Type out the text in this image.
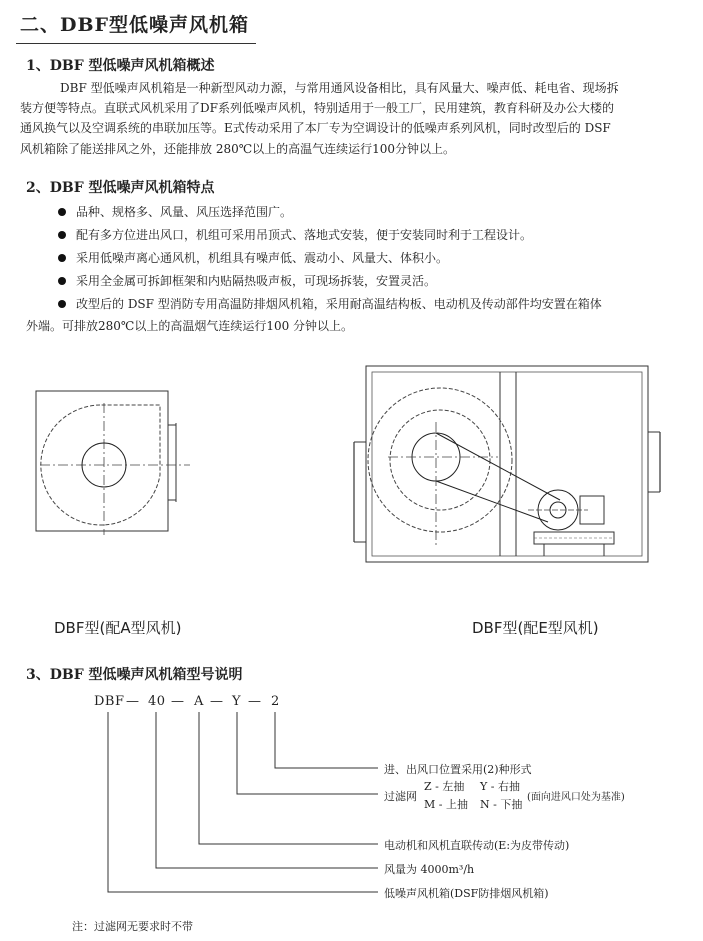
二、DBF型低噪声风机箱
1、DBF 型低噪声风机箱概述
DBF 型低噪声风机箱是一种新型风动力源，与常用通风设备相比，具有风量大、噪声低、耗电省、现场拆
装方便等特点。直联式风机采用了DF系列低噪声风机，特别适用于一般工厂，民用建筑，教育科研及办公大楼的
通风换气以及空调系统的串联加压等。E式传动采用了本厂专为空调设计的低噪声系列风机，同时改型后的 DSF
风机箱除了能送排风之外，还能排放 280℃以上的高温气连续运行100分钟以上。
2、DBF 型低噪声风机箱特点
品种、规格多、风量、风压选择范围广。
配有多方位进出风口，机组可采用吊顶式、落地式安装，便于安装同时利于工程设计。
采用低噪声离心通风机，机组具有噪声低、震动小、风量大、体积小。
采用全金属可拆卸框架和内贴隔热吸声板，可现场拆装，安置灵活。
改型后的 DSF 型消防专用高温防排烟风机箱，采用耐高温结构板、电动机及传动部件均安置在箱体
外端。可排放280℃以上的高温烟气连续运行100 分钟以上。
DBF型(配A型风机)	DBF型(配E型风机)
3、DBF 型低噪声风机箱型号说明
DBF — 40 — A — Y — 2
进、出风口位置采用(2)种形式
过滤网
Z - 左抽 Y - 右抽
M - 上抽 N - 下抽
(面向进风口处为基准)
电动机和风机直联传动(E:为皮带传动)
风量为 4000m³/h
低噪声风机箱(DSF防排烟风机箱)
注：过滤网无要求时不带
